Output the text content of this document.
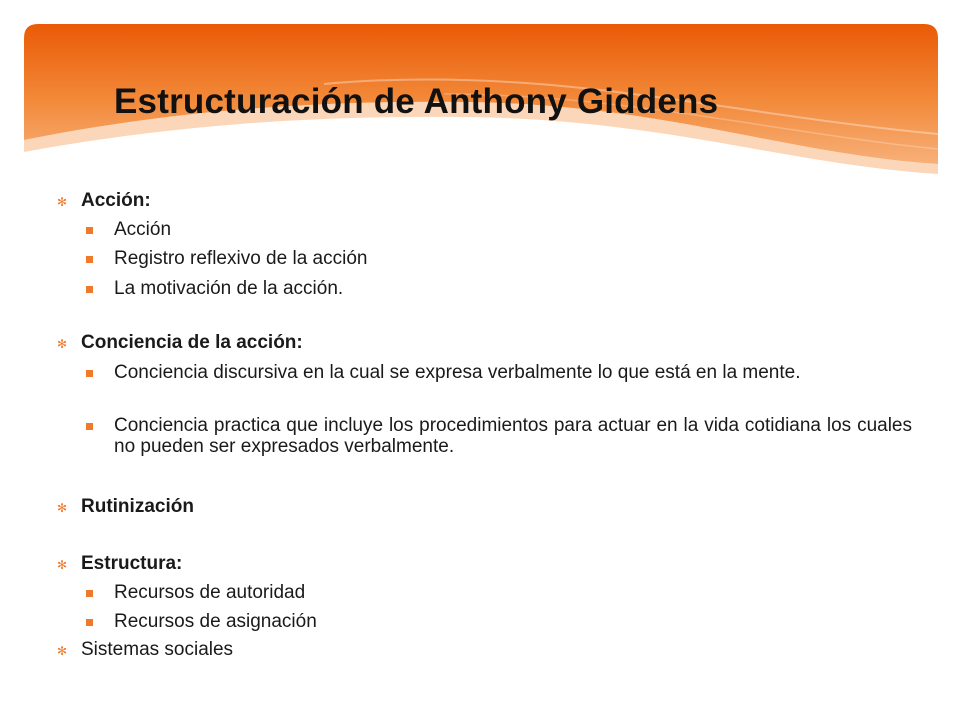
Estructuración de Anthony Giddens
✻ Acción:
Acción
Registro reflexivo de la acción
La motivación de la acción.
✻ Conciencia de la acción:
Conciencia discursiva en la cual se expresa verbalmente lo que está en la mente.
Conciencia practica que incluye los procedimientos para actuar en la vida cotidiana los cuales no pueden ser expresados verbalmente.
✻ Rutinización
✻ Estructura:
Recursos de autoridad
Recursos de asignación
✻ Sistemas sociales
